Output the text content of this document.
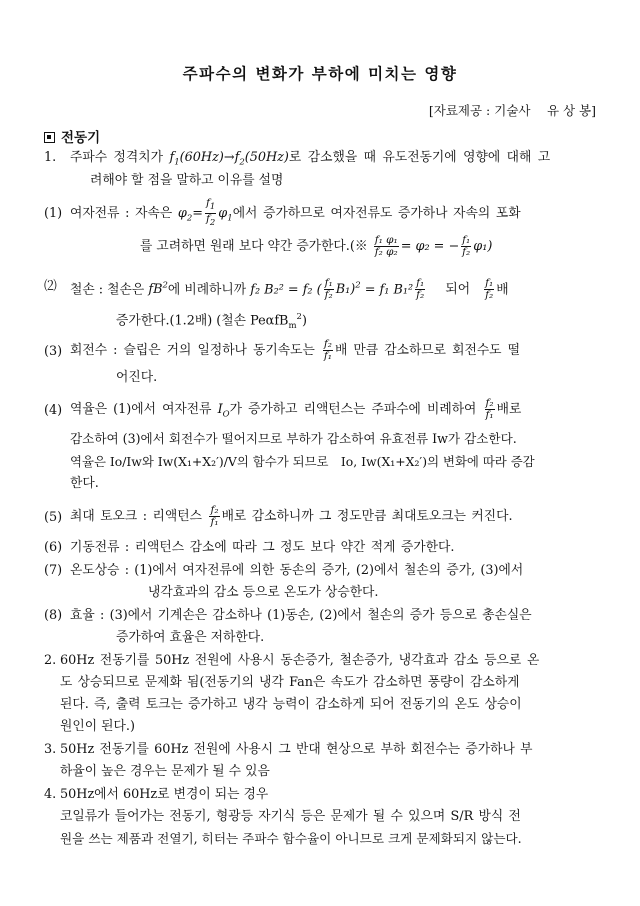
주파수의 변화가 부하에 미치는 영향
[자료제공 : 기술사　 유 상 봉]
전동기
1. 주파수 정격치가 $f_1(60Hz)\to f_2(50Hz)$로 감소했을 때 유도전동기에 영향에 대해 고
려해야 할 점을 말하고 이유를 설명
(1) 여자전류 : 자속은 $\varphi_2= \frac{f_1}{f_2} \varphi_1$에서 증가하므로 여자전류도 증가하나 자속의 포화
를 고려하면 원래 보다 약간 증가한다.(※ $\frac{\text{f₁ φ₁}}{\text{f₂ φ₂}} = \varphi_2$ = − $\frac{\text{f₁}}{\text{f₂}} \varphi_1$)
⑵ 철손 : 철손은 $fB^2$에 비례하니까 f₂ B₂² = f₂ ( $\frac{\text{f₁}}{\text{f₂}} B_1)^2 = f_1$ $B_1^2 \frac{\text{f₁}}{\text{f₂}}$ 되어 $\frac{\text{f₁}}{\text{f₂}}$ 배
증가한다.(1.2배) (철손 PeαfB$_m^2$)
(3) 회전수 : 슬립은 거의 일정하나 동기속도는 $\frac{\text{f₂}}{\text{f₁}}$ 배 만큼 감소하므로 회전수도 떨
어진다.
(4) 역율은 (1)에서 여자전류 $I_O$가 증가하고 리액턴스는 주파수에 비례하여 $\frac{\text{f₂}}{\text{f₁}}$ 배로
감소하여 (3)에서 회전수가 떨어지므로 부하가 감소하여 유효전류 Iw가 감소한다.
역율은 Io/Iw와 Iw(X₁+X₂′)/V의 함수가 되므로　Io, Iw(X₁+X₂′)의 변화에 따라 증감
한다.
(5) 최대 토오크 : 리액턴스 $\frac{\text{f₂}}{\text{f₁}}$ 배로 감소하니까 그 정도만큼 최대토오크는 커진다.
(6) 기동전류 : 리액턴스 감소에 따라 그 정도 보다 약간 적게 증가한다.
(7) 온도상승 : (1)에서 여자전류에 의한 동손의 증가, (2)에서 철손의 증가, (3)에서
냉각효과의 감소 등으로 온도가 상승한다.
(8) 효율 : (3)에서 기계손은 감소하나 (1)동손, (2)에서 철손의 증가 등으로 총손실은
증가하여 효율은 저하한다.
2. 60Hz 전동기를 50Hz 전원에 사용시 동손증가, 철손증가, 냉각효과 감소 등으로 온
도 상승되므로 문제화 됨(전동기의 냉각 Fan은 속도가 감소하면 풍량이 감소하게
된다. 즉, 출력 토크는 증가하고 냉각 능력이 감소하게 되어 전동기의 온도 상승이
원인이 된다.)
3. 50Hz 전동기를 60Hz 전원에 사용시 그 반대 현상으로 부하 회전수는 증가하나 부
하율이 높은 경우는 문제가 될 수 있음
4. 50Hz에서 60Hz로 변경이 되는 경우
코일류가 들어가는 전동기, 형광등 자기식 등은 문제가 될 수 있으며 S/R 방식 전
원을 쓰는 제품과 전열기, 히터는 주파수 함수율이 아니므로 크게 문제화되지 않는다.
